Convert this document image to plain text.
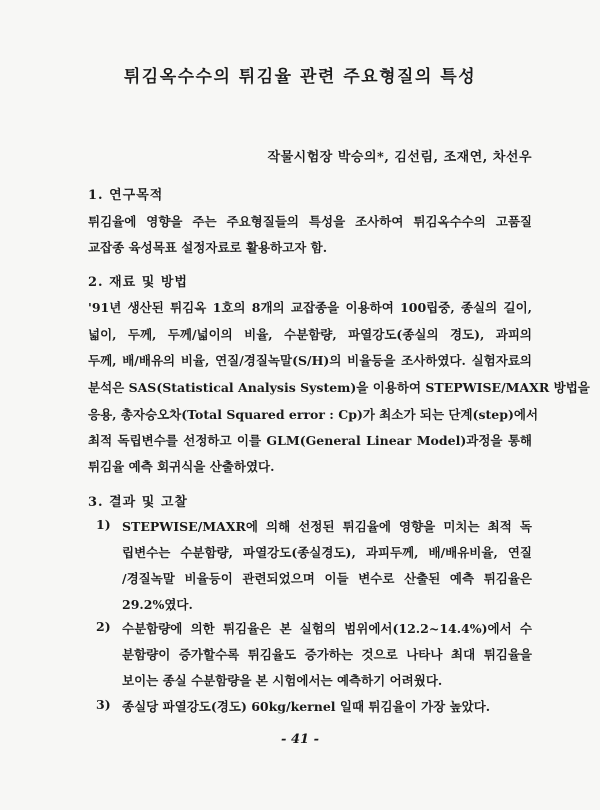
튀김옥수수의 튀김율 관련 주요형질의 특성
작물시험장 박승의*, 김선림, 조재연, 차선우
1. 연구목적
튀김율에 영향을 주는 주요형질들의 특성을 조사하여 튀김옥수수의 고품질
교잡종 육성목표 설정자료로 활용하고자 함.
2. 재료 및 방법
'91년 생산된 튀김옥 1호의 8개의 교잡종을 이용하여 100립중, 종실의 길이,
넓이, 두께, 두께/넓이의 비율, 수분함량, 파열강도(종실의 경도), 과피의
두께, 배/배유의 비율, 연질/경질녹말(S/H)의 비율등을 조사하였다. 실험자료의
분석은 SAS(Statistical Analysis System)을 이용하여 STEPWISE/MAXR 방법을
응용, 총자승오차(Total Squared error : Cp)가 최소가 되는 단계(step)에서
최적 독립변수를 선정하고 이를 GLM(General Linear Model)과정을 통해
튀김율 예측 회귀식을 산출하였다.
3. 결과 및 고찰
1) STEPWISE/MAXR에 의해 선정된 튀김율에 영향을 미치는 최적 독
립변수는 수분함량, 파열강도(종실경도), 과피두께, 배/배유비율, 연질
/경질녹말 비율등이 관련되었으며 이들 변수로 산출된 예측 튀김율은
29.2%였다.
2) 수분함량에 의한 튀김율은 본 실험의 범위에서(12.2~14.4%)에서 수
분함량이 증가할수록 튀김율도 증가하는 것으로 나타나 최대 튀김율을
보이는 종실 수분함량을 본 시험에서는 예측하기 어려웠다.
3) 종실당 파열강도(경도) 60kg/kernel 일때 튀김율이 가장 높았다.
- 41 -
